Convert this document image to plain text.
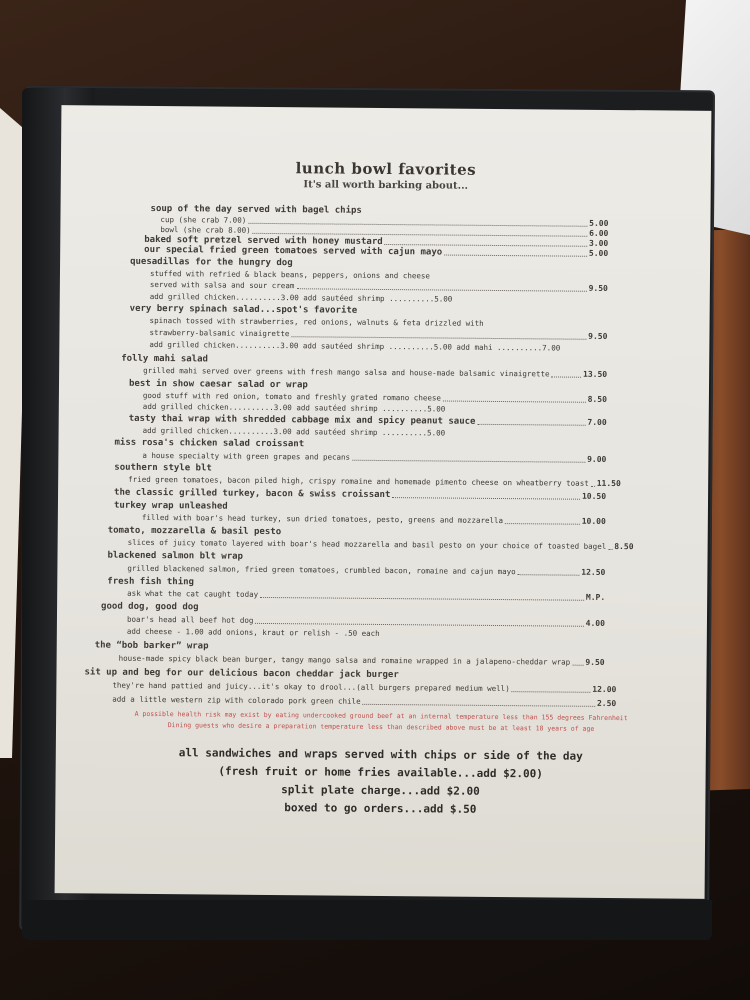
lunch bowl favorites
It's all worth barking about...
soup of the day served with bagel chips
cup (she crab 7.00)	5.00
bowl (she crab 8.00)	6.00
baked soft pretzel served with honey mustard	3.00
our special fried green tomatoes served with cajun mayo	5.00
quesadillas for the hungry dog
stuffed with refried & black beans, peppers, onions and cheese
served with salsa and sour cream	9.50
add grilled chicken..........3.00 add sautéed shrimp ..........5.00
very berry spinach salad...spot's favorite
spinach tossed with strawberries, red onions, walnuts & feta drizzled with
strawberry-balsamic vinaigrette	9.50
add grilled chicken..........3.00 add sautéed shrimp ..........5.00 add mahi ..........7.00
folly mahi salad
grilled mahi served over greens with fresh mango salsa and house-made balsamic vinaigrette	13.50
best in show caesar salad or wrap
good stuff with red onion, tomato and freshly grated romano cheese	8.50
add grilled chicken..........3.00 add sautéed shrimp ..........5.00
tasty thai wrap with shredded cabbage mix and spicy peanut sauce	7.00
add grilled chicken..........3.00 add sautéed shrimp ..........5.00
miss rosa's chicken salad croissant
a house specialty with green grapes and pecans	9.00
southern style blt
fried green tomatoes, bacon piled high, crispy romaine and homemade pimento cheese on wheatberry toast 11.50
the classic grilled turkey, bacon & swiss croissant	10.50
turkey wrap unleashed
filled with boar's head turkey, sun dried tomatoes, pesto, greens and mozzarella	10.00
tomato, mozzarella & basil pesto
slices of juicy tomato layered with boar's head mozzarella and basil pesto on your choice of toasted bagel 8.50
blackened salmon blt wrap
grilled blackened salmon, fried green tomatoes, crumbled bacon, romaine and cajun mayo	12.50
fresh fish thing
ask what the cat caught today	M.P.
good dog, good dog
boar's head all beef hot dog	4.00
add cheese - 1.00 add onions, kraut or relish - .50 each
the “bob barker” wrap
house-made spicy black bean burger, tangy mango salsa and romaine wrapped in a jalapeno-cheddar wrap 9.50
sit up and beg for our delicious bacon cheddar jack burger
they're hand pattied and juicy...it's okay to drool...(all burgers prepared medium well)	12.00
add a little western zip with colorado pork green chile	2.50
A possible health risk may exist by eating undercooked ground beef at an internal temperature less than 155 degrees Fahrenheit
Dining guests who desire a preparation temperature less than described above must be at least 18 years of age
all sandwiches and wraps served with chips or side of the day
(fresh fruit or home fries available...add $2.00)
split plate charge...add $2.00
boxed to go orders...add $.50
